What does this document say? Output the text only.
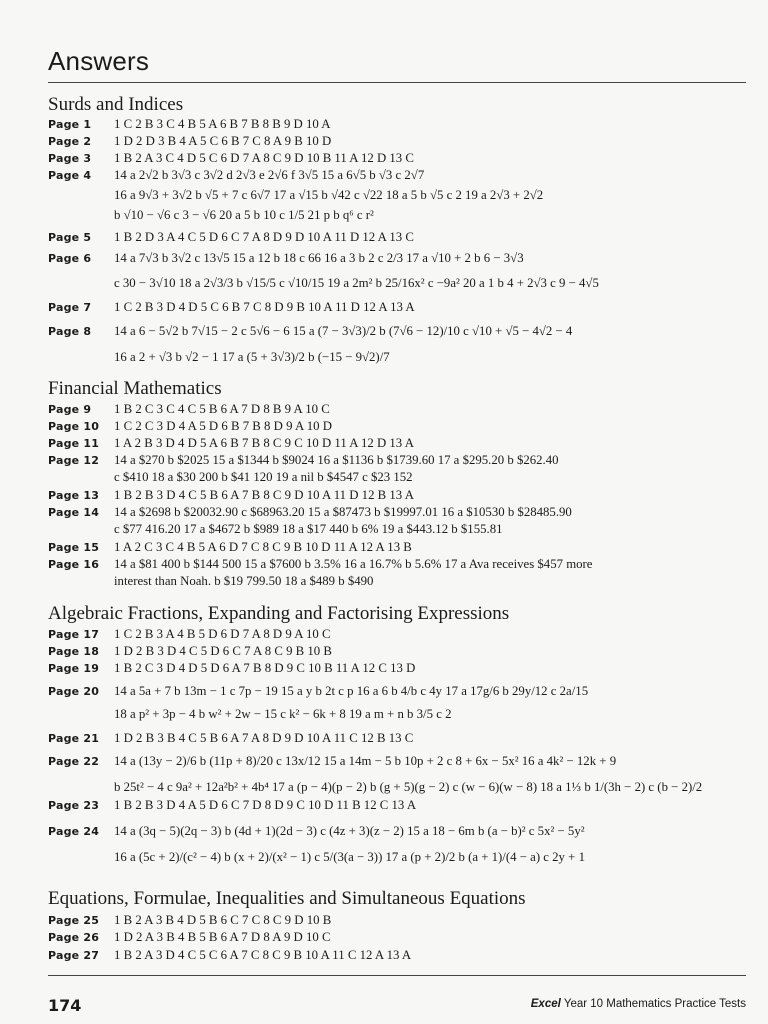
Answers
Surds and Indices
Page 1 1 C 2 B 3 C 4 B 5 A 6 B 7 B 8 B 9 D 10 A
Page 2 1 D 2 D 3 B 4 A 5 C 6 B 7 C 8 A 9 B 10 D
Page 3 1 B 2 A 3 C 4 D 5 C 6 D 7 A 8 C 9 D 10 B 11 A 12 D 13 C
Page 4 14 a 2√2 b 3√3 c 3√2 d 2√3 e 2√6 f 3√5 15 a 6√5 b √3 c 2√7
16 a 9√3 + 3√2 b √5 + 7 c 6√7 17 a √15 b √42 c √22 18 a 5 b √5 c 2 19 a 2√3 + 2√2
b √10 − √6 c 3 − √6 20 a 5 b 10 c 1/5 21 p b q⁶ c r²
Page 5 1 B 2 D 3 A 4 C 5 D 6 C 7 A 8 D 9 D 10 A 11 D 12 A 13 C
Page 6 14 a 7√3 b 3√2 c 13√5 15 a 12 b 18 c 66 16 a 3 b 2 c 2/3 17 a √10 + 2 b 6 − 3√3
c 30 − 3√10 18 a 2√3/3 b √15/5 c √10/15 19 a 2m² b 25/16x² c −9a² 20 a 1 b 4 + 2√3 c 9 − 4√5
Page 7 1 C 2 B 3 D 4 D 5 C 6 B 7 C 8 D 9 B 10 A 11 D 12 A 13 A
Page 8 14 a 6 − 5√2 b 7√15 − 2 c 5√6 − 6 15 a (7 − 3√3)/2 b (7√6 − 12)/10 c √10 + √5 − 4√2 − 4
16 a 2 + √3 b √2 − 1 17 a (5 + 3√3)/2 b (−15 − 9√2)/7
Financial Mathematics
Page 9 1 B 2 C 3 C 4 C 5 B 6 A 7 D 8 B 9 A 10 C
Page 10 1 C 2 C 3 D 4 A 5 D 6 B 7 B 8 D 9 A 10 D
Page 11 1 A 2 B 3 D 4 D 5 A 6 B 7 B 8 C 9 C 10 D 11 A 12 D 13 A
Page 12 14 a $270 b $2025 15 a $1344 b $9024 16 a $1136 b $1739.60 17 a $295.20 b $262.40
c $410 18 a $30 200 b $41 120 19 a nil b $4547 c $23 152
Page 13 1 B 2 B 3 D 4 C 5 B 6 A 7 B 8 C 9 D 10 A 11 D 12 B 13 A
Page 14 14 a $2698 b $20032.90 c $68963.20 15 a $87473 b $19997.01 16 a $10530 b $28485.90
c $77 416.20 17 a $4672 b $989 18 a $17 440 b 6% 19 a $443.12 b $155.81
Page 15 1 A 2 C 3 C 4 B 5 A 6 D 7 C 8 C 9 B 10 D 11 A 12 A 13 B
Page 16 14 a $81 400 b $144 500 15 a $7600 b 3.5% 16 a 16.7% b 5.6% 17 a Ava receives $457 more
interest than Noah. b $19 799.50 18 a $489 b $490
Algebraic Fractions, Expanding and Factorising Expressions
Page 17 1 C 2 B 3 A 4 B 5 D 6 D 7 A 8 D 9 A 10 C
Page 18 1 D 2 B 3 D 4 C 5 D 6 C 7 A 8 C 9 B 10 B
Page 19 1 B 2 C 3 D 4 D 5 D 6 A 7 B 8 D 9 C 10 B 11 A 12 C 13 D
Page 20 14 a 5a + 7 b 13m − 1 c 7p − 19 15 a y b 2t c p 16 a 6 b 4/b c 4y 17 a 17g/6 b 29y/12 c 2a/15
18 a p² + 3p − 4 b w² + 2w − 15 c k² − 6k + 8 19 a m + n b 3/5 c 2
Page 21 1 D 2 B 3 B 4 C 5 B 6 A 7 A 8 D 9 D 10 A 11 C 12 B 13 C
Page 22 14 a (13y − 2)/6 b (11p + 8)/20 c 13x/12 15 a 14m − 5 b 10p + 2 c 8 + 6x − 5x² 16 a 4k² − 12k + 9
b 25t² − 4 c 9a² + 12a²b² + 4b⁴ 17 a (p − 4)(p − 2) b (g + 5)(g − 2) c (w − 6)(w − 8) 18 a 1⅓ b 1/(3h − 2) c (b − 2)/2
Page 23 1 B 2 B 3 D 4 A 5 D 6 C 7 D 8 D 9 C 10 D 11 B 12 C 13 A
Page 24 14 a (3q − 5)(2q − 3) b (4d + 1)(2d − 3) c (4z + 3)(z − 2) 15 a 18 − 6m b (a − b)² c 5x² − 5y²
16 a (5c + 2)/(c² − 4) b (x + 2)/(x² − 1) c 5/(3(a − 3)) 17 a (p + 2)/2 b (a + 1)/(4 − a) c 2y + 1
Equations, Formulae, Inequalities and Simultaneous Equations
Page 25 1 B 2 A 3 B 4 D 5 B 6 C 7 C 8 C 9 D 10 B
Page 26 1 D 2 A 3 B 4 B 5 B 6 A 7 D 8 A 9 D 10 C
Page 27 1 B 2 A 3 D 4 C 5 C 6 A 7 C 8 C 9 B 10 A 11 C 12 A 13 A
174	Excel Year 10 Mathematics Practice Tests
